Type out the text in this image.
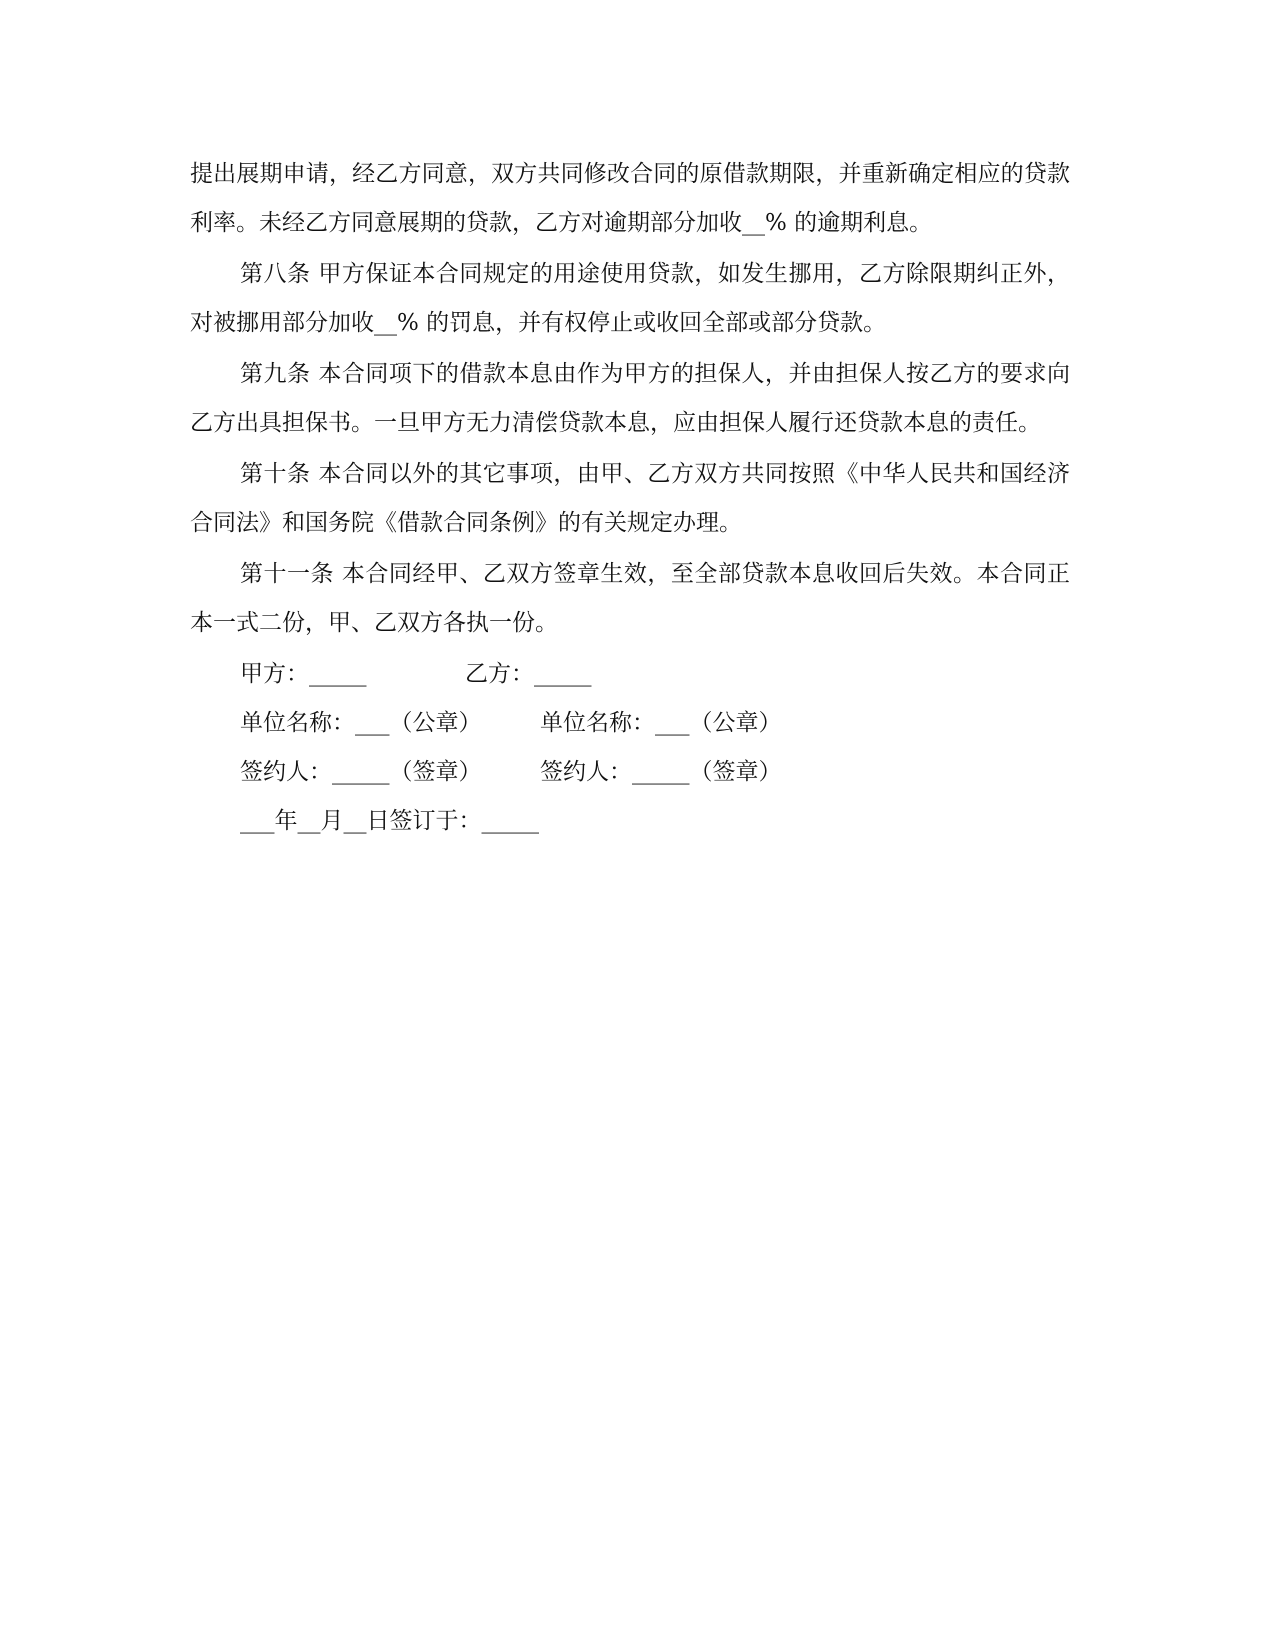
提出展期申请，经乙方同意，双方共同修改合同的原借款期限，并重新确定相应的贷款利率。未经乙方同意展期的贷款，乙方对逾期部分加收__% 的逾期利息。

第八条 甲方保证本合同规定的用途使用贷款，如发生挪用，乙方除限期纠正外，对被挪用部分加收__% 的罚息，并有权停止或收回全部或部分贷款。

第九条 本合同项下的借款本息由作为甲方的担保人，并由担保人按乙方的要求向乙方出具担保书。一旦甲方无力清偿贷款本息，应由担保人履行还贷款本息的责任。

第十条 本合同以外的其它事项，由甲、乙方双方共同按照《中华人民共和国经济合同法》和国务院《借款合同条例》的有关规定办理。

第十一条 本合同经甲、乙双方签章生效，至全部贷款本息收回后失效。本合同正本一式二份，甲、乙双方各执一份。

甲方：_____	乙方：_____
单位名称：___（公章）	单位名称：___（公章）
签约人：_____（签章）	签约人：_____（签章）
___年__月__日签订于：_____
